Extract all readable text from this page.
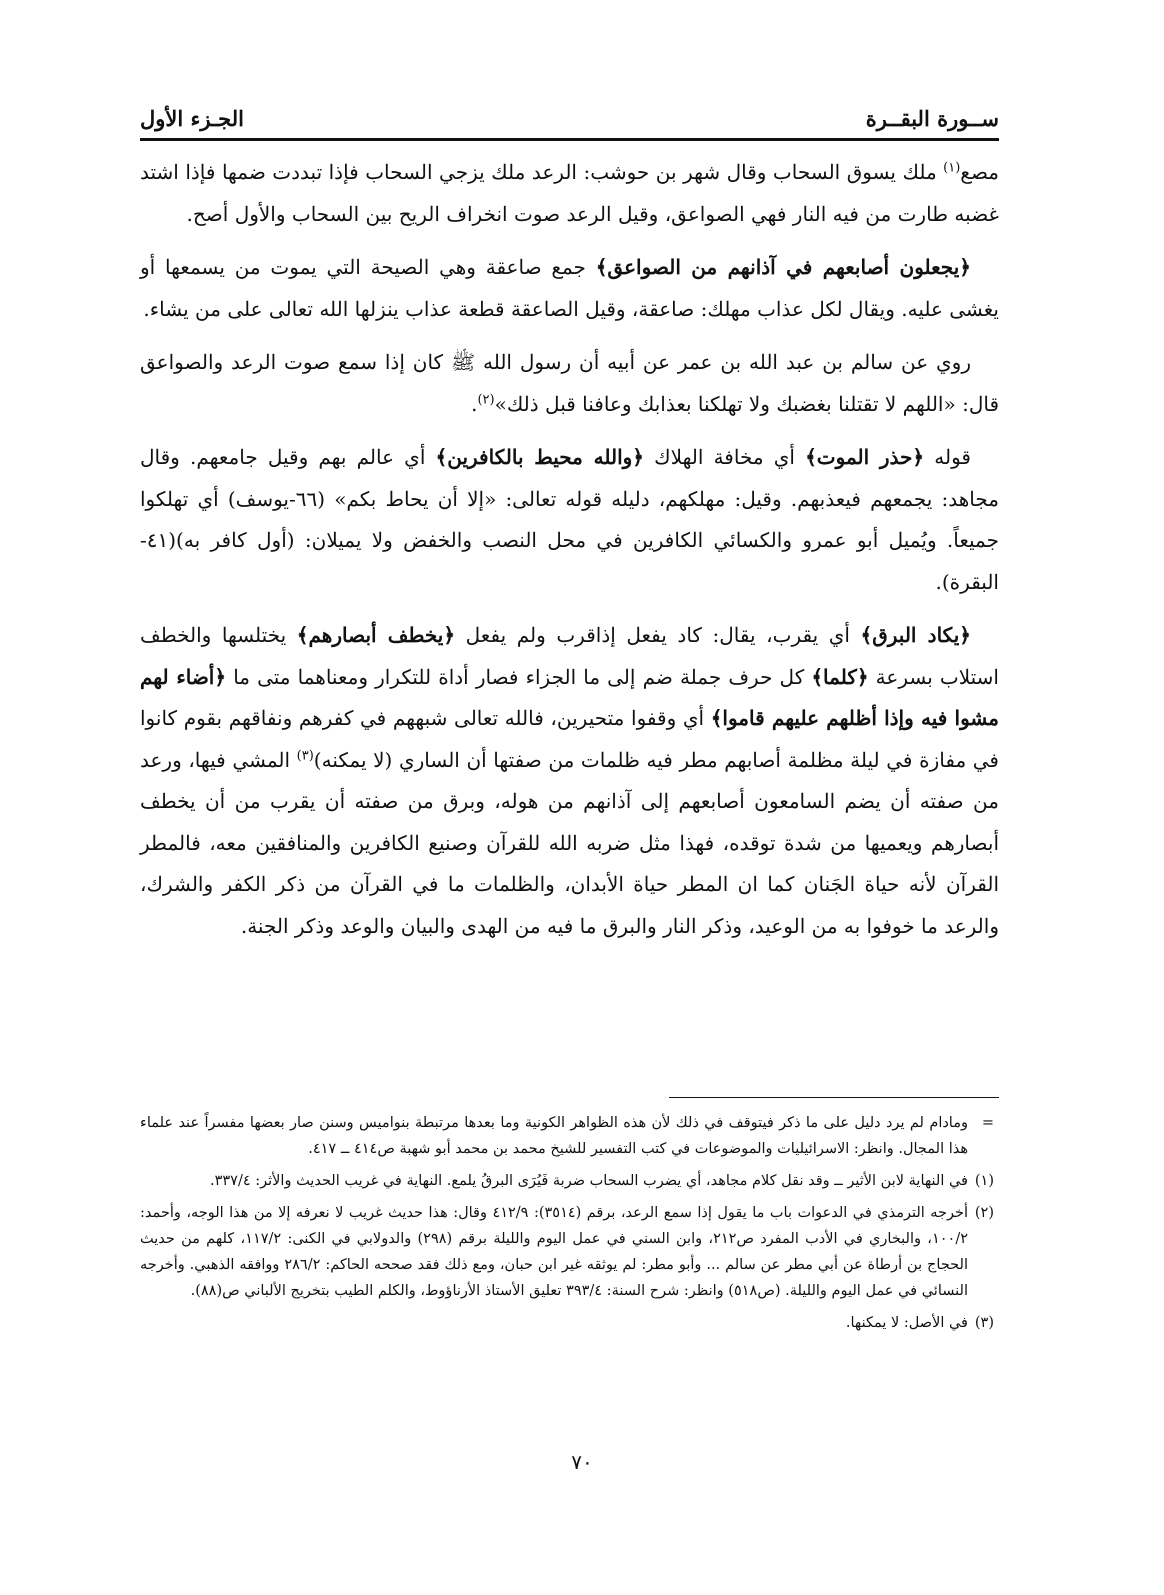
ســورة البقــرة
الجـزء الأول

مصع$^{(١)}$ ملك يسوق السحاب وقال شهر بن حوشب: الرعد ملك يزجي السحاب فإذا تبددت ضمها فإذا اشتد غضبه طارت من فيه النار فهي الصواعق، وقيل الرعد صوت انخراف الريح بين السحاب والأول أصح.

﴿يجعلون أصابعهم في آذانهم من الصواعق﴾ جمع صاعقة وهي الصيحة التي يموت من يسمعها أو يغشى عليه. ويقال لكل عذاب مهلك: صاعقة، وقيل الصاعقة قطعة عذاب ينزلها الله تعالى على من يشاء.

روي عن سالم بن عبد الله بن عمر عن أبيه أن رسول الله ﷺ كان إذا سمع صوت الرعد والصواعق قال: «اللهم لا تقتلنا بغضبك ولا تهلكنا بعذابك وعافنا قبل ذلك»$^{(٢)}$.

قوله ﴿حذر الموت﴾ أي مخافة الهلاك ﴿والله محيط بالكافرين﴾ أي عالم بهم وقيل جامعهم. وقال مجاهد: يجمعهم فيعذبهم. وقيل: مهلكهم، دليله قوله تعالى: «إلا أن يحاط بكم» (٦٦-يوسف) أي تهلكوا جميعاً. ويُميل أبو عمرو والكسائي الكافرين في محل النصب والخفض ولا يميلان: (أول كافر به)(٤١-البقرة).

﴿يكاد البرق﴾ أي يقرب، يقال: كاد يفعل إذاقرب ولم يفعل ﴿يخطف أبصارهم﴾ يختلسها والخطف استلاب بسرعة ﴿كلما﴾ كل حرف جملة ضم إلى ما الجزاء فصار أداة للتكرار ومعناهما متى ما ﴿أضاء لهم مشوا فيه وإذا أظلهم عليهم قاموا﴾ أي وقفوا متحيرين، فالله تعالى شبههم في كفرهم ونفاقهم بقوم كانوا في مفازة في ليلة مظلمة أصابهم مطر فيه ظلمات من صفتها أن الساري (لا يمكنه)$^{(٣)}$ المشي فيها، ورعد من صفته أن يضم السامعون أصابعهم إلى آذانهم من هوله، وبرق من صفته أن يقرب من أن يخطف أبصارهم ويعميها من شدة توقده، فهذا مثل ضربه الله للقرآن وصنيع الكافرين والمنافقين معه، فالمطر القرآن لأنه حياة الجَنان كما ان المطر حياة الأبدان، والظلمات ما في القرآن من ذكر الكفر والشرك، والرعد ما خوفوا به من الوعيد، وذكر النار والبرق ما فيه من الهدى والبيان والوعد وذكر الجنة.

=
ومادام لم يرد دليل على ما ذكر فيتوقف في ذلك لأن هذه الظواهر الكونية وما بعدها مرتبطة بنواميس وسنن صار بعضها مفسراً عند علماء هذا المجال. وانظر: الاسرائيليات والموضوعات في كتب التفسير للشيخ محمد بن محمد أبو شهبة ص٤١٤ ــ ٤١٧.
(١)
في النهاية لابن الأثير ــ وقد نقل كلام مجاهد، أي يضرب السحاب ضربة فَيُرَى البرقُ يلمع. النهاية في غريب الحديث والأثر: ٣٣٧/٤.
(٢)
أخرجه الترمذي في الدعوات باب ما يقول إذا سمع الرعد، برقم (٣٥١٤): ٤١٢/٩ وقال: هذا حديث غريب لا نعرفه إلا من هذا الوجه، وأحمد: ١٠٠/٢، والبخاري في الأدب المفرد ص٢١٢، وابن السني في عمل اليوم والليلة برقم (٢٩٨) والدولابي في الكنى: ١١٧/٢، كلهم من حديث الحجاج بن أرطاة عن أبي مطر عن سالم ... وأبو مطر: لم يوثقه غير ابن حبان، ومع ذلك فقد صححه الحاكم: ٢٨٦/٢ ووافقه الذهبي. وأخرجه النسائي في عمل اليوم والليلة. (ص٥١٨) وانظر: شرح السنة: ٣٩٣/٤ تعليق الأستاذ الأرناؤوط، والكلم الطيب بتخريج الألباني ص(٨٨).
(٣)
في الأصل: لا يمكنها.
٧٠
